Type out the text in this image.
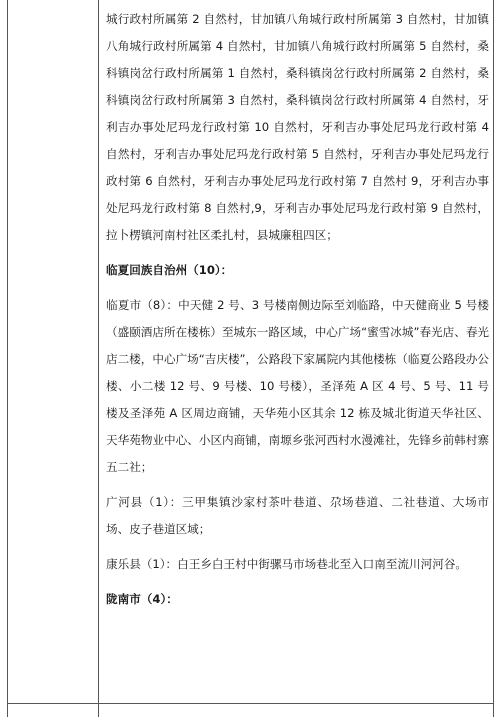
城行政村所属第 2 自然村，甘加镇八角城行政村所属第 3 自然村，甘加镇八角城行政村所属第 4 自然村，甘加镇八角城行政村所属第 5 自然村，桑科镇岗岔行政村所属第 1 自然村，桑科镇岗岔行政村所属第 2 自然村，桑科镇岗岔行政村所属第 3 自然村，桑科镇岗岔行政村所属第 4 自然村，牙利吉办事处尼玛龙行政村第 10 自然村，牙利吉办事处尼玛龙行政村第 4 自然村，牙利吉办事处尼玛龙行政村第 5 自然村，牙利吉办事处尼玛龙行政村第 6 自然村，牙利吉办事处尼玛龙行政村第 7 自然村 9，牙利吉办事处尼玛龙行政村第 8 自然村,9，牙利吉办事处尼玛龙行政村第 9 自然村，拉卜楞镇河南村社区柔扎村，县城廉租四区；

临夏回族自治州（10）：

临夏市（8）：中天健 2 号、3 号楼南侧边际至刘临路，中天健商业 5 号楼（盛颐酒店所在楼栋）至城东一路区域，中心广场“蜜雪冰城”春光店、春光店二楼，中心广场“吉庆楼”，公路段下家属院内其他楼栋（临夏公路段办公楼、小二楼 12 号、9 号楼、10 号楼），圣泽苑 A 区 4 号、5 号、11 号楼及圣泽苑 A 区周边商铺，天华苑小区其余 12 栋及城北街道天华社区、天华苑物业中心、小区内商铺，南塬乡张河西村水漫滩社，先锋乡前韩村寨五二社；

广河县（1）：三甲集镇沙家村茶叶巷道、尕场巷道、二社巷道、大场市场、皮子巷道区域；

康乐县（1）：白王乡白王村中街骡马市场巷北至入口南至流川河河谷。

陇南市（4）：
